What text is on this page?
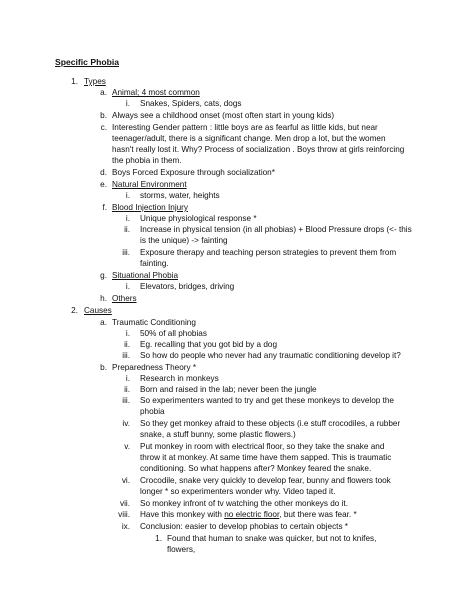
Specific Phobia
1. Types
a. Animal; 4 most common
i. Snakes, Spiders, cats, dogs
b. Always see a childhood onset (most often start in young kids)
c. Interesting Gender pattern : little boys are as fearful as little kids, but near
teenager/adult, there is a significant change. Men drop a lot, but the women
hasn't really lost it. Why? Process of socialization . Boys throw at girls reinforcing
the phobia in them.
d. Boys Forced Exposure through socialization*
e. Natural Environment
i. storms, water, heights
f. Blood Injection Injury
i. Unique physiological response *
ii. Increase in physical tension (in all phobias) + Blood Pressure drops (<- this
is the unique) -> fainting
iii. Exposure therapy and teaching person strategies to prevent them from
fainting.
g. Situational Phobia
i. Elevators, bridges, driving
h. Others
2. Causes
a. Traumatic Conditioning
i. 50% of all phobias
ii. Eg. recalling that you got bid by a dog
iii. So how do people who never had any traumatic conditioning develop it?
b. Preparedness Theory *
i. Research in monkeys
ii. Born and raised in the lab; never been the jungle
iii. So experimenters wanted to try and get these monkeys to develop the
phobia
iv. So they get monkey afraid to these objects (i.e stuff crocodiles, a rubber
snake, a stuff bunny, some plastic flowers.)
v. Put monkey in room with electrical floor, so they take the snake and
throw it at monkey. At same time have them sapped. This is traumatic
conditioning. So what happens after? Monkey feared the snake.
vi. Crocodile, snake very quickly to develop fear, bunny and flowers took
longer * so experimenters wonder why. Video taped it.
vii. So monkey infront of tv watching the other monkeys do it.
viii. Have this monkey with no electric floor, but there was fear. *
ix. Conclusion: easier to develop phobias to certain objects *
1. Found that human to snake was quicker, but not to knifes,
flowers,
